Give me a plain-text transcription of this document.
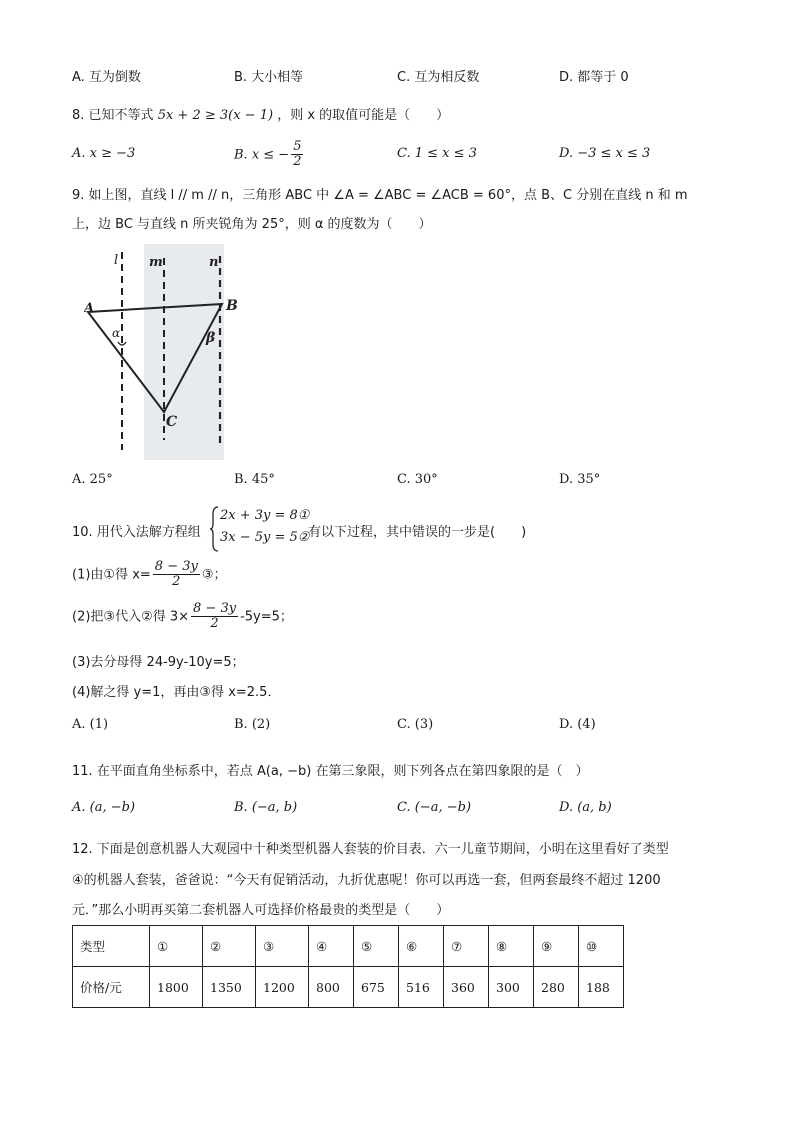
A. 互为倒数	B. 大小相等	C. 互为相反数	D. 都等于 0
8. 已知不等式 5x + 2 ≥ 3(x − 1) ，则 x 的取值可能是（　　）
A. x ≥ −3	B. x ≤ − $\frac{5}{2}$	C. 1 ≤ x ≤ 3	D. −3 ≤ x ≤ 3
9. 如上图，直线 l // m // n，三角形 ABC 中 ∠A = ∠ABC = ∠ACB = 60°，点 B、C 分别在直线 n 和 m
上，边 BC 与直线 n 所夹锐角为 25°，则 α 的度数为（　　）
l m	n
A	B
C
α	β
A. 25°	B. 45°	C. 30°	D. 35°
10. 用代入法解方程组
2x + 3y = 8①
3x − 5y = 5②
有以下过程，其中错误的一步是(　　)
(1)由①得 $x= \frac{8 - 3y}{2}$ ③；
(2)把③代入②得 $3\times \frac{8 - 3y}{2} -5y=5$；
(3)去分母得 24-9y-10y=5；
(4)解之得 y=1，再由③得 x=2.5．
A. (1)	B. (2)	C. (3)	D. (4)
11. 在平面直角坐标系中，若点 A(a, −b) 在第三象限，则下列各点在第四象限的是（　）
A. (a, −b)	B. (−a, b)	C. (−a, −b)	D. (a, b)
12. 下面是创意机器人大观园中十种类型机器人套装的价目表．六一儿童节期间，小明在这里看好了类型
④的机器人套装，爸爸说：“今天有促销活动，九折优惠呢！你可以再选一套，但两套最终不超过 1200
元．”那么小明再买第二套机器人可选择价格最贵的类型是（　　）
类型	①	②	③	④	⑤	⑥	⑦	⑧	⑨	⑩
价格/元	1800	1350	1200	800	675	516	360	300	280	188
